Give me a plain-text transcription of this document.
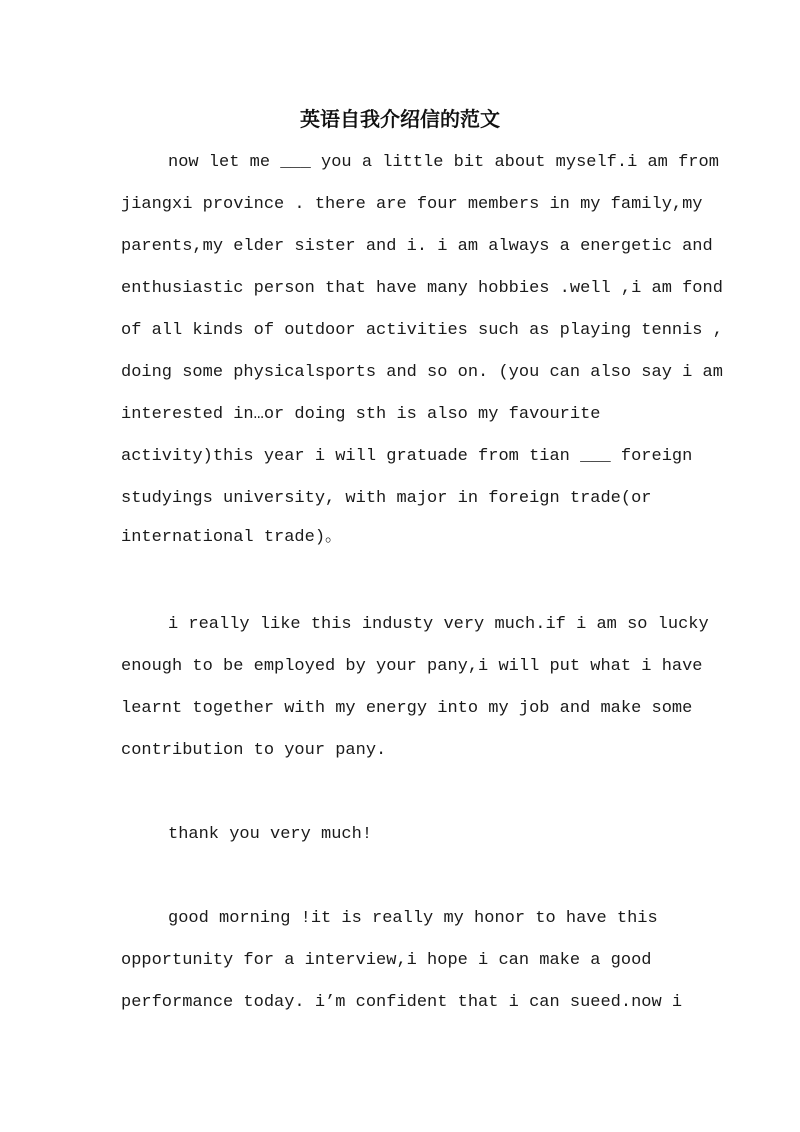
英语自我介绍信的范文

now let me ___ you a little bit about myself.i am from

jiangxi province . there are four members in my family,my

parents,my elder sister and i. i am always a energetic and

enthusiastic person that have many hobbies .well ,i am fond

of all kinds of outdoor activities such as playing tennis ,

doing some physicalsports and so on. (you can also say i am

interested in…or doing sth is also my favourite

activity)this year i will gratuade from tian ___ foreign

studyings university, with major in foreign trade(or

international trade)。

i really like this industy very much.if i am so lucky

enough to be employed by your pany,i will put what i have

learnt together with my energy into my job and make some

contribution to your pany.

thank you very much!

good morning !it is really my honor to have this

opportunity for a interview,i hope i can make a good

performance today. i’m confident that i can sueed.now i
